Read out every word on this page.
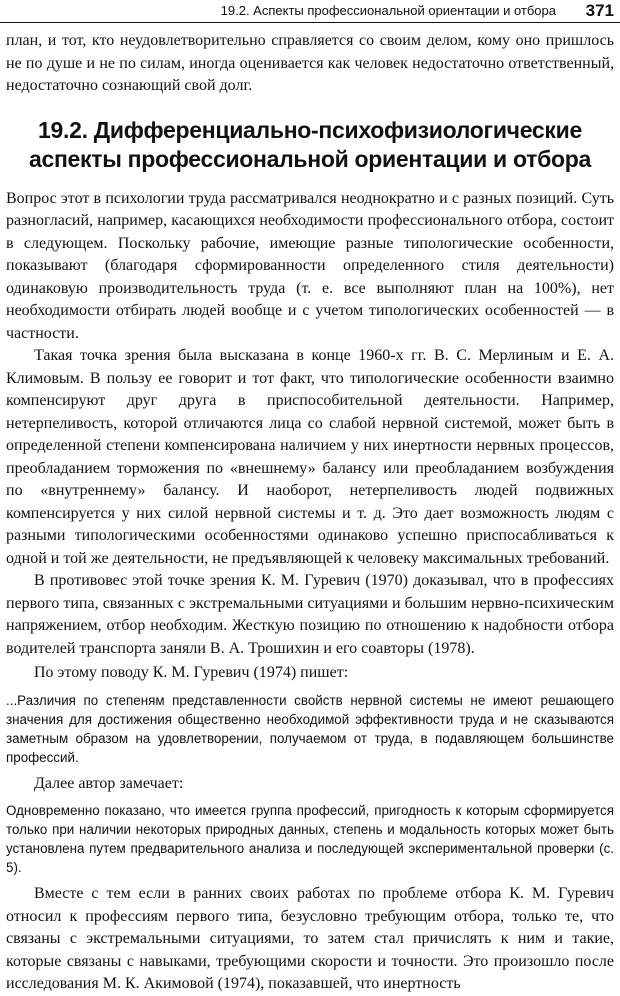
19.2. Аспекты профессиональной ориентации и отбора 371

план, и тот, кто неудовлетворительно справляется со своим делом, кому оно пришлось не по душе и не по силам, иногда оценивается как человек недостаточно ответственный, недостаточно сознающий свой долг.

19.2. Дифференциально-психофизиологические аспекты профессиональной ориентации и отбора

Вопрос этот в психологии труда рассматривался неоднократно и с разных позиций. Суть разногласий, например, касающихся необходимости профессионального отбора, состоит в следующем. Поскольку рабочие, имеющие разные типологические особенности, показывают (благодаря сформированности определенного стиля деятельности) одинаковую производительность труда (т. е. все выполняют план на 100%), нет необходимости отбирать людей вообще и с учетом типологических особенностей — в частности.

Такая точка зрения была высказана в конце 1960-х гг. В. С. Мерлиным и Е. А. Климовым. В пользу ее говорит и тот факт, что типологические особенности взаимно компенсируют друг друга в приспособительной деятельности. Например, нетерпеливость, которой отличаются лица со слабой нервной системой, может быть в определенной степени компенсирована наличием у них инертности нервных процессов, преобладанием торможения по «внешнему» балансу или преобладанием возбуждения по «внутреннему» балансу. И наоборот, нетерпеливость людей подвижных компенсируется у них силой нервной системы и т. д. Это дает возможность людям с разными типологическими особенностями одинаково успешно приспосабливаться к одной и той же деятельности, не предъявляющей к человеку максимальных требований.

В противовес этой точке зрения К. М. Гуревич (1970) доказывал, что в профессиях первого типа, связанных с экстремальными ситуациями и большим нервно-психическим напряжением, отбор необходим. Жесткую позицию по отношению к надобности отбора водителей транспорта заняли В. А. Трошихин и его соавторы (1978).

По этому поводу К. М. Гуревич (1974) пишет:

...Различия по степеням представленности свойств нервной системы не имеют решающего значения для достижения общественно необходимой эффективности труда и не сказываются заметным образом на удовлетворении, получаемом от труда, в подавляющем большинстве профессий.

Далее автор замечает:

Одновременно показано, что имеется группа профессий, пригодность к которым сформируется только при наличии некоторых природных данных, степень и модальность которых может быть установлена путем предварительного анализа и последующей экспериментальной проверки (с. 5).

Вместе с тем если в ранних своих работах по проблеме отбора К. М. Гуревич относил к профессиям первого типа, безусловно требующим отбора, только те, что связаны с экстремальными ситуациями, то затем стал причислять к ним и такие, которые связаны с навыками, требующими скорости и точности. Это произошло после исследования М. К. Акимовой (1974), показавшей, что инертность
